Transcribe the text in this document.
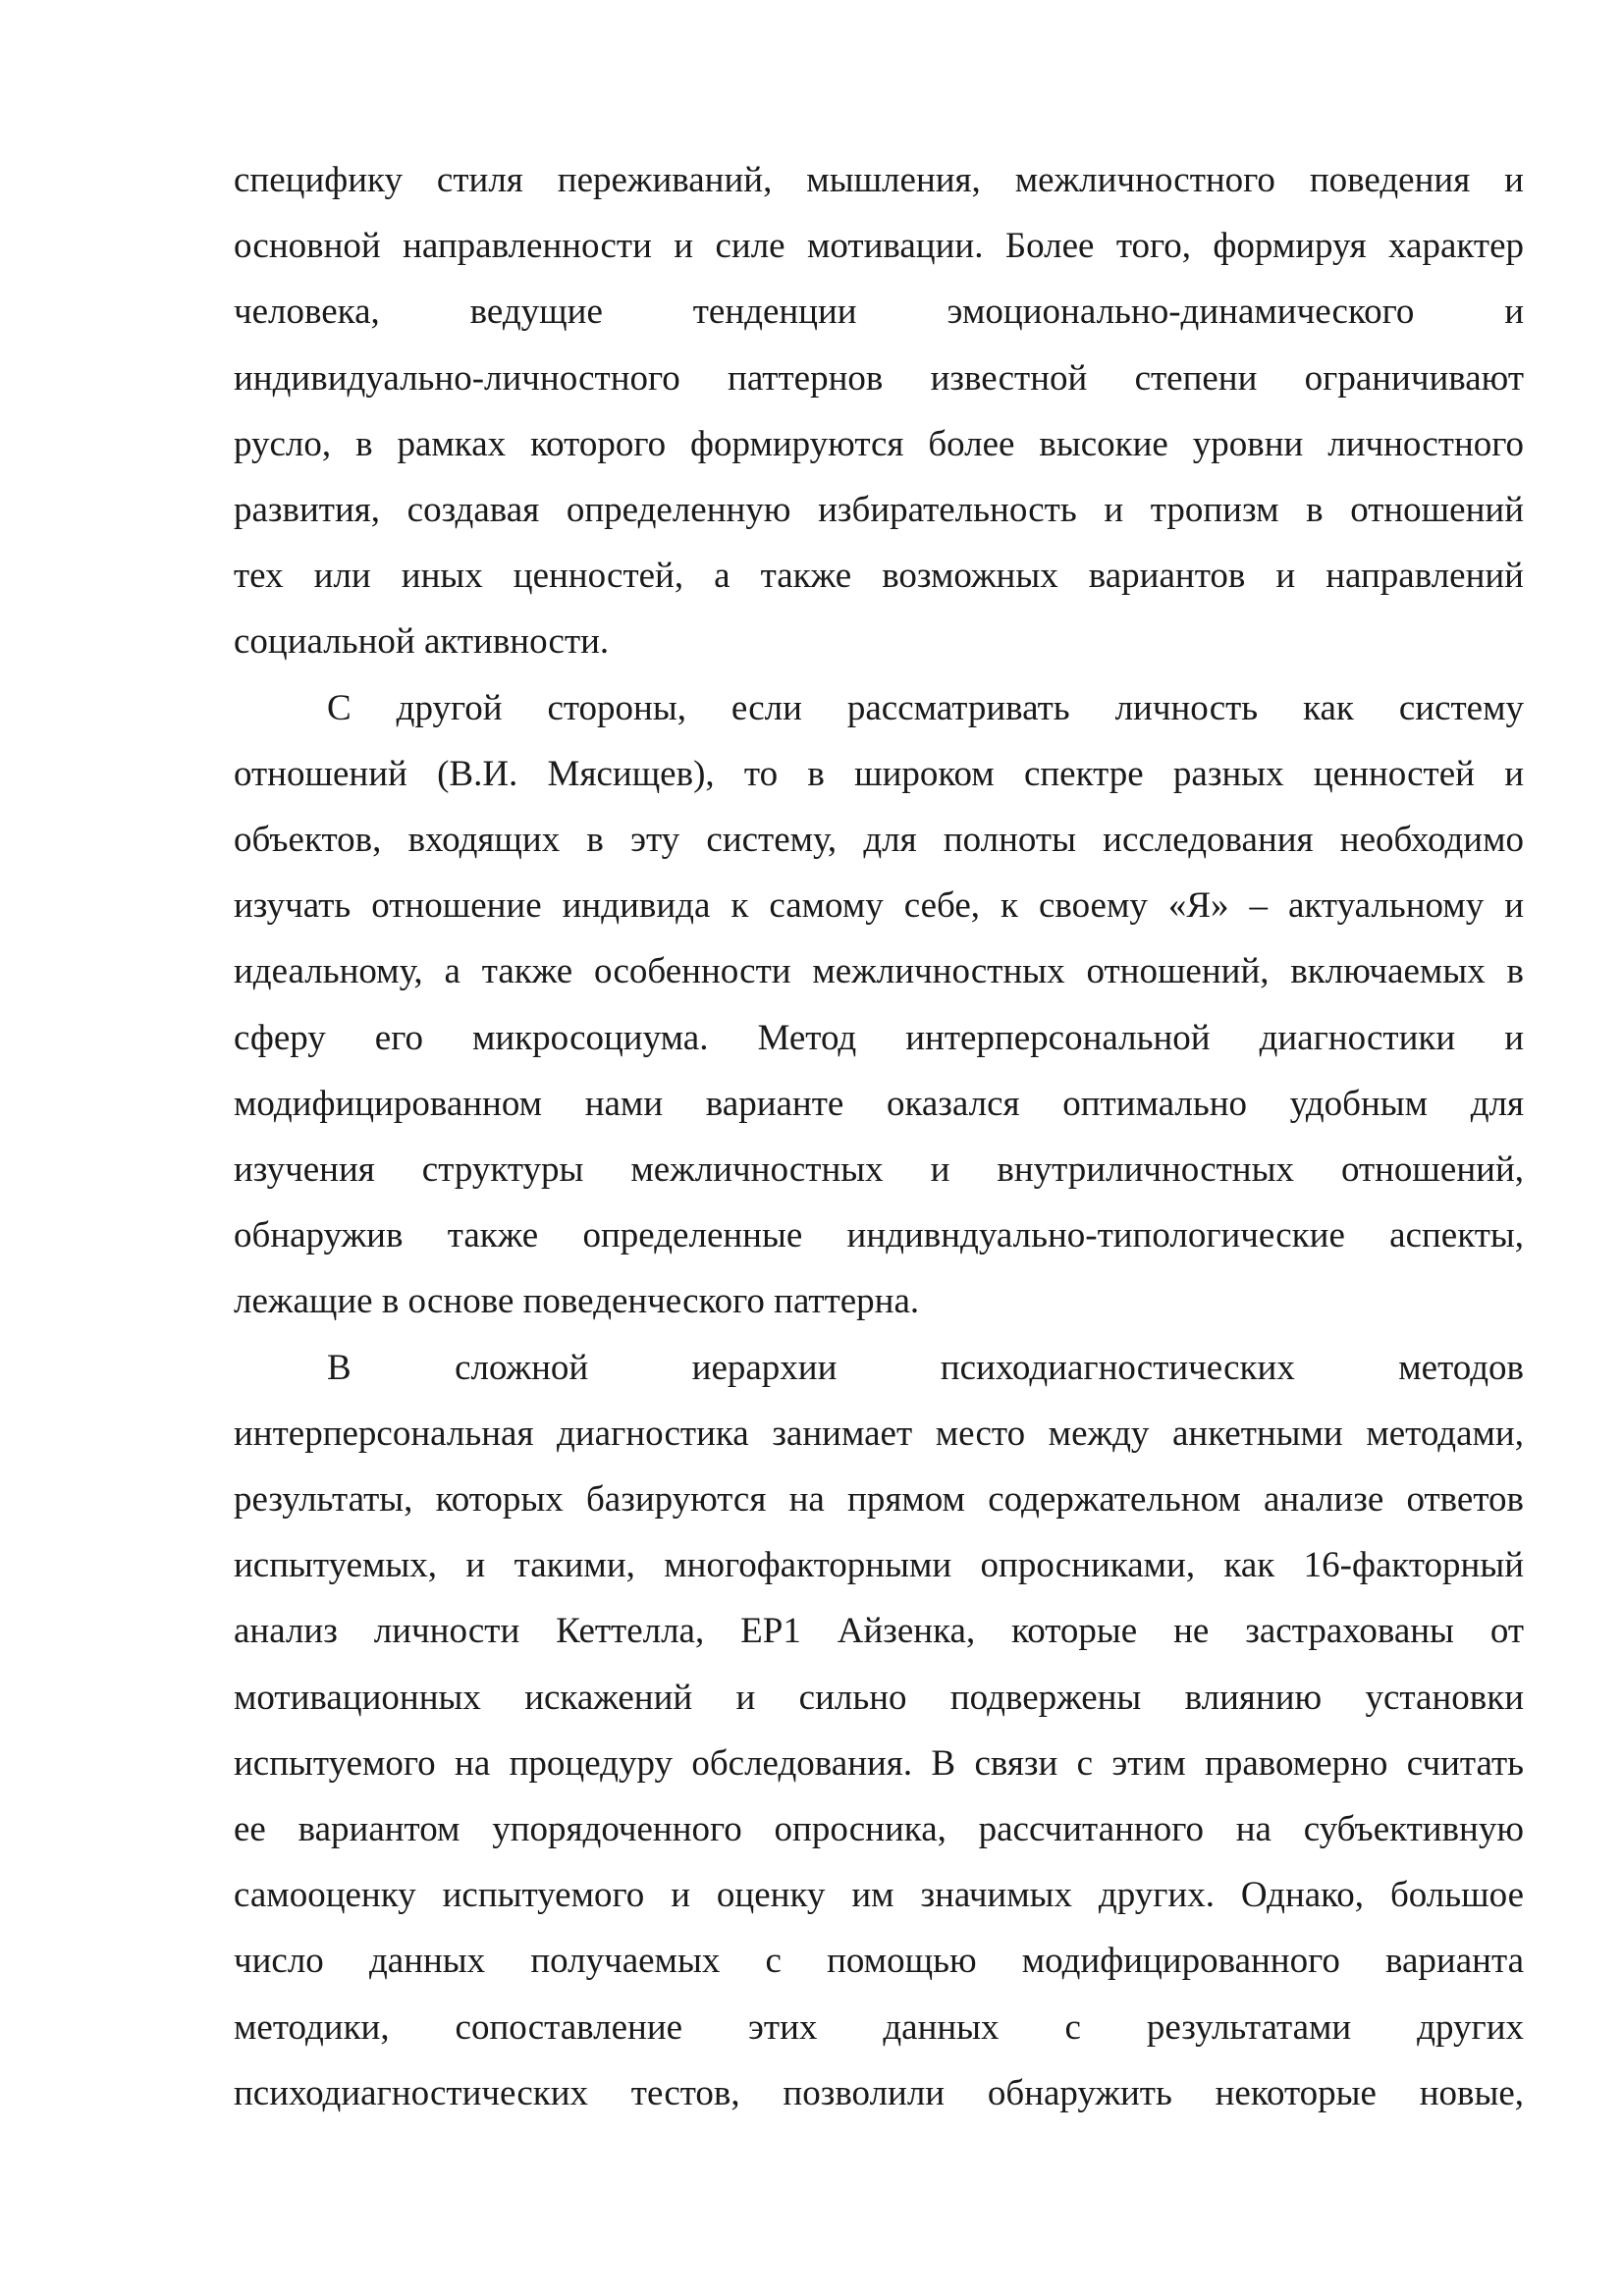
специфику стиля переживаний, мышления, межличностного поведения и
основной направленности и силе мотивации. Более того, формируя характер
человека, ведущие тенденции эмоционально-динамического и
индивидуально-личностного паттернов известной степени ограничивают
русло, в рамках которого формируются более высокие уровни личностного
развития, создавая определенную избирательность и тропизм в отношений
тех или иных ценностей, а также возможных вариантов и направлений
социальной активности.
С другой стороны, если рассматривать личность как систему
отношений (В.И. Мясищев), то в широком спектре разных ценностей и
объектов, входящих в эту систему, для полноты исследования необходимо
изучать отношение индивида к самому себе, к своему «Я» – актуальному и
идеальному, а также особенности межличностных отношений, включаемых в
сферу его микросоциума. Метод интерперсональной диагностики и
модифицированном нами варианте оказался оптимально удобным для
изучения структуры межличностных и внутриличностных отношений,
обнаружив также определенные индивндуально-типологические аспекты,
лежащие в основе поведенческого паттерна.
В сложной иерархии психодиагностических методов
интерперсональная диагностика занимает место между анкетными методами,
результаты, которых базируются на прямом содержательном анализе ответов
испытуемых, и такими, многофакторными опросниками, как 16-факторный
анализ личности Кеттелла, EP1 Айзенка, которые не застрахованы от
мотивационных искажений и сильно подвержены влиянию установки
испытуемого на процедуру обследования. В связи с этим правомерно считать
ее вариантом упорядоченного опросника, рассчитанного на субъективную
самооценку испытуемого и оценку им значимых других. Однако, большое
число данных получаемых с помощью модифицированного варианта
методики, сопоставление этих данных с результатами других
психодиагностических тестов, позволили обнаружить некоторые новые,
